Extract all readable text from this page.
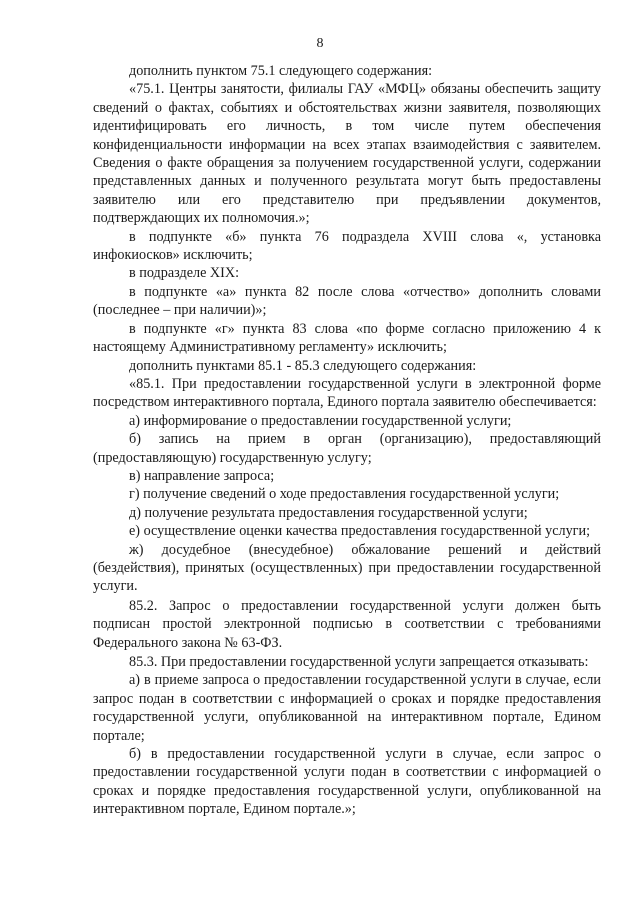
8

дополнить пунктом 75.1 следующего содержания:

«75.1. Центры занятости, филиалы ГАУ «МФЦ» обязаны обеспечить защиту сведений о фактах, событиях и обстоятельствах жизни заявителя, позволяющих идентифицировать его личность, в том числе путем обеспечения конфиденциальности информации на всех этапах взаимодействия с заявителем. Сведения о факте обращения за получением государственной услуги, содержании представленных данных и полученного результата могут быть предоставлены заявителю или его представителю при предъявлении документов, подтверждающих их полномочия.»;

в подпункте «б» пункта 76 подраздела XVIII слова «, установка инфокиосков» исключить;

в подразделе XIX:

в подпункте «а» пункта 82 после слова «отчество» дополнить словами (последнее – при наличии)»;

в подпункте «г» пункта 83 слова «по форме согласно приложению 4 к настоящему Административному регламенту» исключить;

дополнить пунктами 85.1 - 85.3 следующего содержания:

«85.1. При предоставлении государственной услуги в электронной форме посредством интерактивного портала, Единого портала заявителю обеспечивается:

а) информирование о предоставлении государственной услуги;

б) запись на прием в орган (организацию), предоставляющий (предоставляющую) государственную услугу;

в) направление запроса;

г) получение сведений о ходе предоставления государственной услуги;

д) получение результата предоставления государственной услуги;

е) осуществление оценки качества предоставления государственной услуги;

ж) досудебное (внесудебное) обжалование решений и действий (бездействия), принятых (осуществленных) при предоставлении государственной услуги.

85.2. Запрос о предоставлении государственной услуги должен быть подписан простой электронной подписью в соответствии с требованиями Федерального закона № 63-ФЗ.

85.3. При предоставлении государственной услуги запрещается отказывать:

а) в приеме запроса о предоставлении государственной услуги в случае, если запрос подан в соответствии с информацией о сроках и порядке предоставления государственной услуги, опубликованной на интерактивном портале, Едином портале;

б) в предоставлении государственной услуги в случае, если запрос о предоставлении государственной услуги подан в соответствии с информацией о сроках и порядке предоставления государственной услуги, опубликованной на интерактивном портале, Едином портале.»;
